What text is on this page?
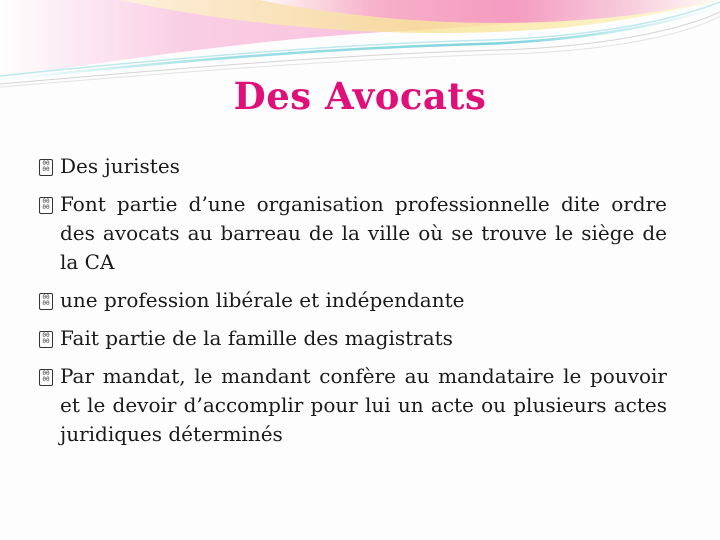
Des Avocats
00
00 Des juristes
00
00 Font partie d’une organisation professionnelle dite ordre des avocats au barreau de la ville où se trouve le siège de la CA
00
00 une profession libérale et indépendante
00
00 Fait partie de la famille des magistrats
00
00 Par mandat, le mandant confère au mandataire le pouvoir et le devoir d’accomplir pour lui un acte ou plusieurs actes juridiques déterminés
